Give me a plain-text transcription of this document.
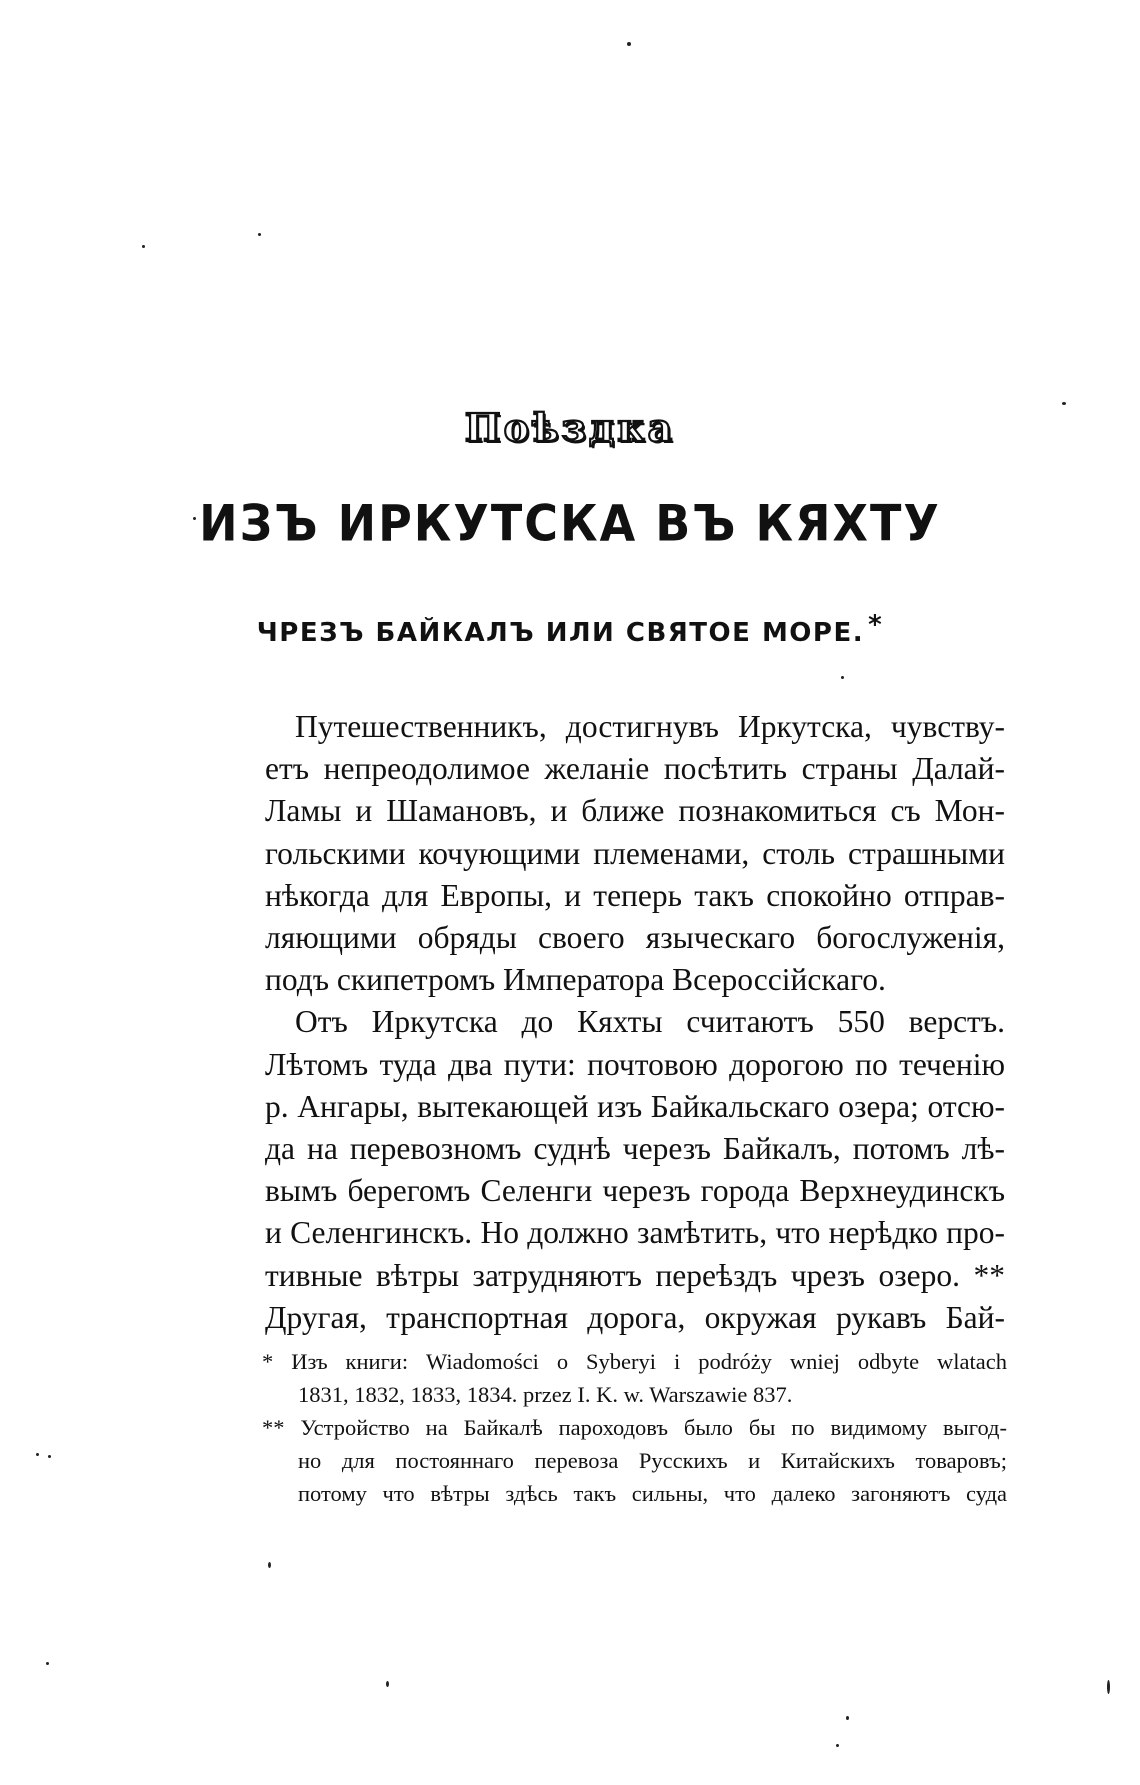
Поѣздка
ИЗЪ ИРКУТСКА ВЪ КЯХТУ
ЧРЕЗЪ БАЙКАЛЪ ИЛИ СВЯТОЕ МОРЕ. *
Путешественникъ, достигнувъ Иркутска, чувству-
етъ непреодолимое желаніе посѣтить страны Далай-
Ламы и Шамановъ, и ближе познакомиться съ Мон-
гольскими кочующими племенами, столь страшными
нѣкогда для Европы, и теперь такъ спокойно отправ-
ляющими обряды своего языческаго богослуженія,
подъ скипетромъ Императора Всероссійскаго.
Отъ Иркутска до Кяхты считаютъ 550 верстъ.
Лѣтомъ туда два пути: почтовою дорогою по теченію
р. Ангары, вытекающей изъ Байкальскаго озера; отсю-
да на перевозномъ суднѣ черезъ Байкалъ, потомъ лѣ-
вымъ берегомъ Селенги черезъ города Верхнеудинскъ
и Селенгинскъ. Но должно замѣтить, что нерѣдко про-
тивные вѣтры затрудняютъ переѣздъ чрезъ озеро. **
Другая, транспортная дорога, окружая рукавъ Бай-
* Изъ книги: Wiadomości o Syberyi i podróży wniej odbyte wlatach
1831, 1832, 1833, 1834. przez I. K. w. Warszawie 837.
** Устройство на Байкалѣ пароходовъ было бы по видимому выгод-
но для постояннаго перевоза Русскихъ и Китайскихъ товаровъ;
потому что вѣтры здѣсь такъ сильны, что далеко загоняютъ суда
